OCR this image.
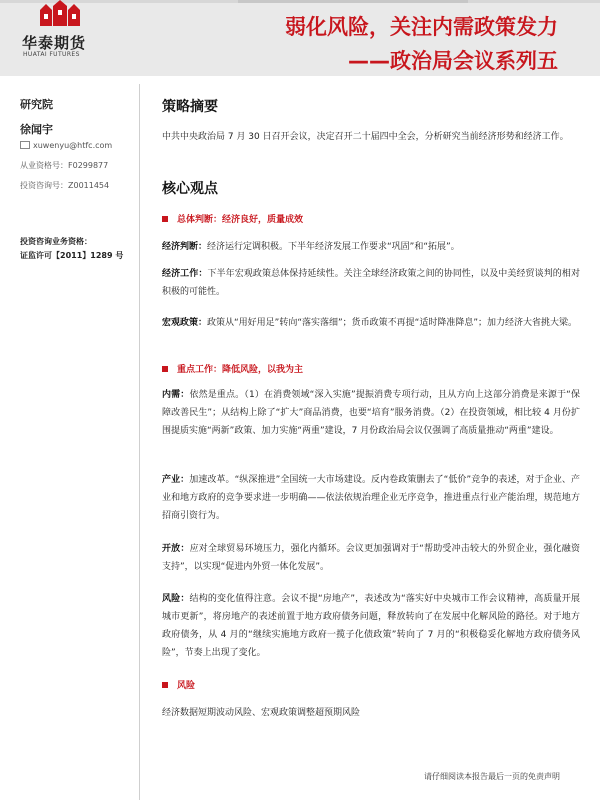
华泰期货
HUATAI FUTURES
弱化风险，关注内需政策发力
——政治局会议系列五
研究院
徐闻宇
xuwenyu@htfc.com
从业资格号：F0299877
投资咨询号：Z0011454
投资咨询业务资格：
证监许可【2011】1289 号
策略摘要
中共中央政治局 7 月 30 日召开会议，决定召开二十届四中全会，分析研究当前经济形势和经济工作。
核心观点
总体判断：经济良好，质量成效
经济判断：经济运行定调积极。下半年经济发展工作要求“巩固”和“拓展”。
经济工作：下半年宏观政策总体保持延续性。关注全球经济政策之间的协同性，以及中美经贸谈判的相对积极的可能性。
宏观政策：政策从“用好用足”转向“落实落细”；货币政策不再提“适时降准降息”；加力经济大省挑大梁。
重点工作：降低风险，以我为主
内需：依然是重点。（1）在消费领域“深入实施”提振消费专项行动，且从方向上这部分消费是来源于“保障改善民生”；从结构上除了“扩大”商品消费，也要“培育”服务消费。（2）在投资领域，相比较 4 月份扩围提质实施“两新”政策、加力实施“两重”建设，7 月份政治局会议仅强调了高质量推动“两重”建设。
产业：加速改革。“纵深推进”全国统一大市场建设。反内卷政策删去了“低价”竞争的表述，对于企业、产业和地方政府的竞争要求进一步明确——依法依规治理企业无序竞争，推进重点行业产能治理，规范地方招商引资行为。
开放：应对全球贸易环境压力，强化内循环。会议更加强调对于“帮助受冲击较大的外贸企业，强化融资支持”，以实现“促进内外贸一体化发展”。
风险：结构的变化值得注意。会议不提“房地产”，表述改为“落实好中央城市工作会议精神，高质量开展城市更新”，将房地产的表述前置于地方政府债务问题，释放转向了在发展中化解风险的路径。对于地方政府债务，从 4 月的“继续实施地方政府一揽子化债政策”转向了 7 月的“积极稳妥化解地方政府债务风险”，节奏上出现了变化。
风险
经济数据短期波动风险、宏观政策调整超预期风险
请仔细阅读本报告最后一页的免责声明
